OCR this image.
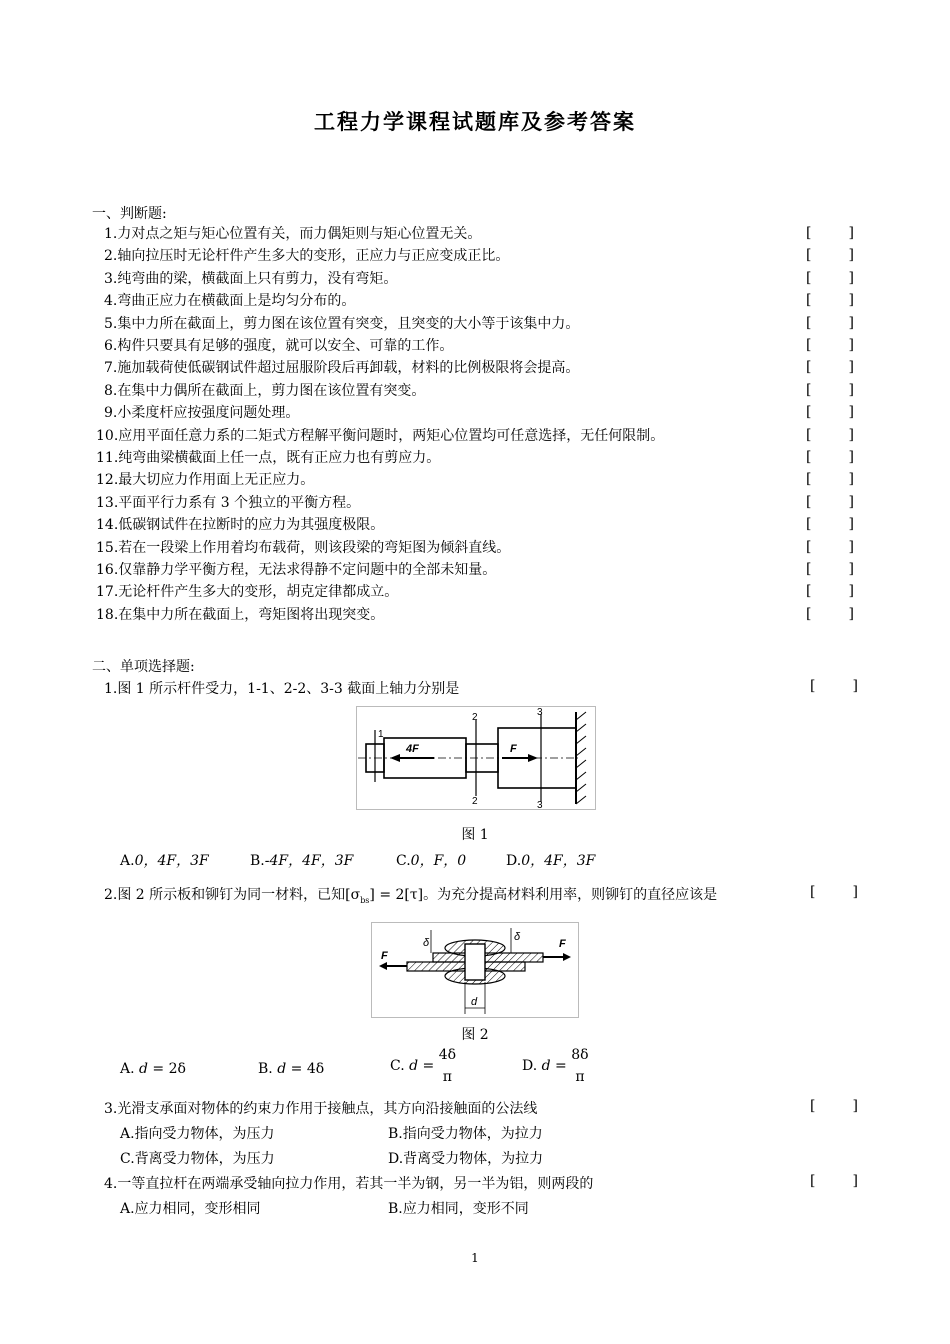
工程力学课程试题库及参考答案
一、判断题:
1.力对点之矩与矩心位置有关，而力偶矩则与矩心位置无关。	[	]
2.轴向拉压时无论杆件产生多大的变形，正应力与正应变成正比。	[	]
3.纯弯曲的梁，横截面上只有剪力，没有弯矩。	[	]
4.弯曲正应力在横截面上是均匀分布的。	[	]
5.集中力所在截面上，剪力图在该位置有突变，且突变的大小等于该集中力。	[	]
6.构件只要具有足够的强度，就可以安全、可靠的工作。	[	]
7.施加载荷使低碳钢试件超过屈服阶段后再卸载，材料的比例极限将会提高。	[	]
8.在集中力偶所在截面上，剪力图在该位置有突变。	[	]
9.小柔度杆应按强度问题处理。	[	]
10.应用平面任意力系的二矩式方程解平衡问题时，两矩心位置均可任意选择，无任何限制。	[	]
11.纯弯曲梁横截面上任一点，既有正应力也有剪应力。	[	]
12.最大切应力作用面上无正应力。	[	]
13.平面平行力系有 3 个独立的平衡方程。	[	]
14.低碳钢试件在拉断时的应力为其强度极限。	[	]
15.若在一段梁上作用着均布载荷，则该段梁的弯矩图为倾斜直线。	[	]
16.仅靠静力学平衡方程，无法求得静不定问题中的全部未知量。	[	]
17.无论杆件产生多大的变形，胡克定律都成立。	[	]
18.在集中力所在截面上，弯矩图将出现突变。	[	]
二、单项选择题:
1.图 1 所示杆件受力，1-1、2-2、3-3 截面上轴力分别是	[	]
1
2
2
3
3
4F	F
图 1
A.0，4F，3F	B.-4F，4F，3F	C.0，F，0	D.0，4F，3F
2.图 2 所示板和铆钉为同一材料，已知$[\sigma_{bs}] = 2[\tau]$。为充分提高材料利用率，则铆钉的直径应该是	[	]
F
F
δ	δ
d
图 2
A. d = 2δ	B. d = 4δ	C. d =
4δ
π
D. d =
8δ
π
3.光滑支承面对物体的约束力作用于接触点，其方向沿接触面的公法线	[	]
A.指向受力物体，为压力	B.指向受力物体，为拉力
C.背离受力物体，为压力	D.背离受力物体，为拉力
4.一等直拉杆在两端承受轴向拉力作用，若其一半为钢，另一半为铝，则两段的	[	]
A.应力相同，变形相同	B.应力相同，变形不同
1
